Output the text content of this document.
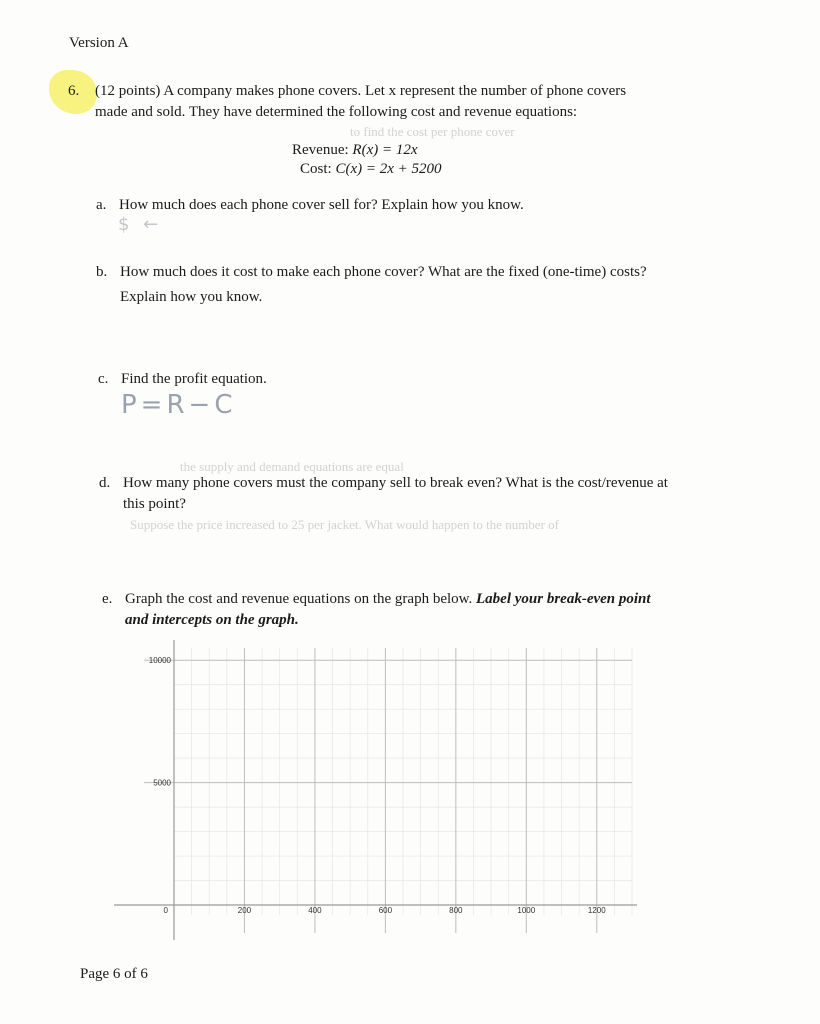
Version A
6. (12 points) A company makes phone covers. Let x represent the number of phone covers
made and sold. They have determined the following cost and revenue equations:
to find the cost per phone cover
Revenue: R(x) = 12x
Cost: C(x) = 2x + 5200
a. How much does each phone cover sell for? Explain how you know.
$ ←
b. How much does it cost to make each phone cover? What are the fixed (one-time) costs?
Explain how you know.
c. Find the profit equation.
P=R−C
the supply and demand equations are equal
d. How many phone covers must the company sell to break even? What is the cost/revenue at
this point?
Suppose the price increased to 25 per jacket. What would happen to the number of
e. Graph the cost and revenue equations on the graph below. Label your break-even point
and intercepts on the graph.
0	200	400	600	800	1000	1200
5000
10000
Page 6 of 6
